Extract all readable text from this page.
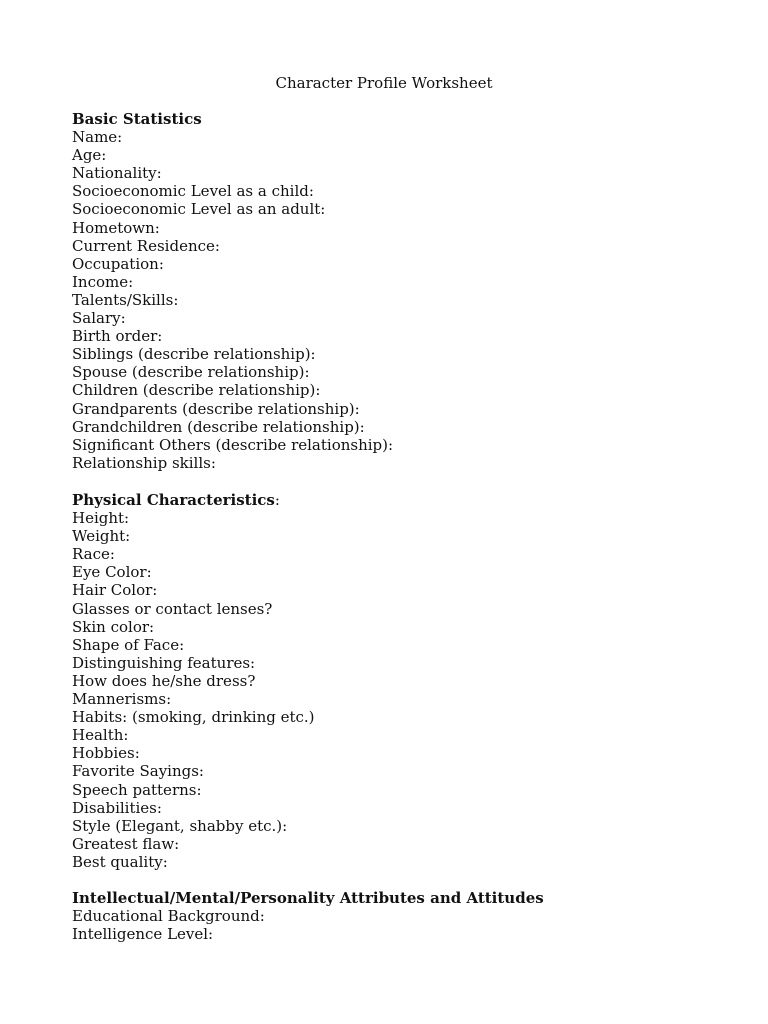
Character Profile Worksheet
Basic Statistics
Name:
Age:
Nationality:
Socioeconomic Level as a child:
Socioeconomic Level as an adult:
Hometown:
Current Residence:
Occupation:
Income:
Talents/Skills:
Salary:
Birth order:
Siblings (describe relationship):
Spouse (describe relationship):
Children (describe relationship):
Grandparents (describe relationship):
Grandchildren (describe relationship):
Significant Others (describe relationship):
Relationship skills:
Physical Characteristics:
Height:
Weight:
Race:
Eye Color:
Hair Color:
Glasses or contact lenses?
Skin color:
Shape of Face:
Distinguishing features:
How does he/she dress?
Mannerisms:
Habits: (smoking, drinking etc.)
Health:
Hobbies:
Favorite Sayings:
Speech patterns:
Disabilities:
Style (Elegant, shabby etc.):
Greatest flaw:
Best quality:
Intellectual/Mental/Personality Attributes and Attitudes
Educational Background:
Intelligence Level:
